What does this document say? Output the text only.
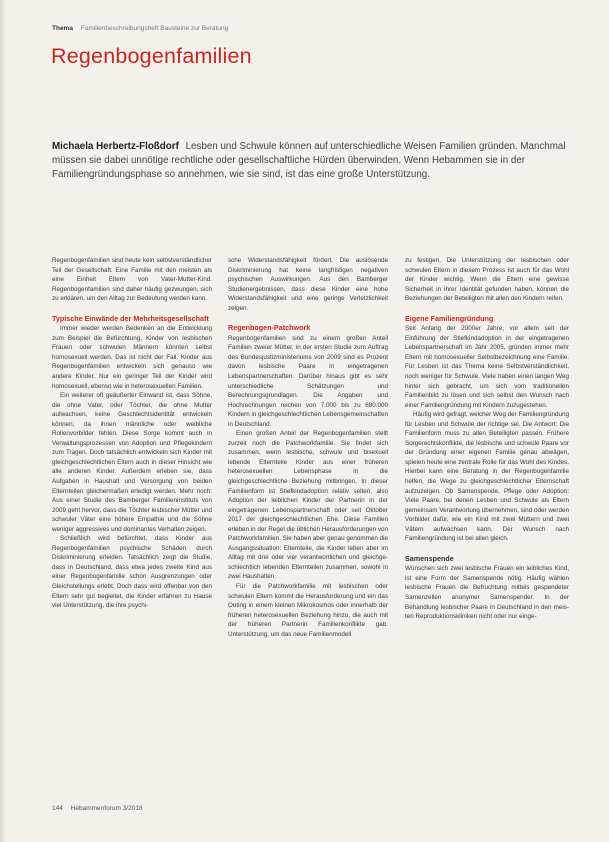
Thema Familienbeschreibungsheft Bausteine zur Beratung
Regenbogenfamilien
Michaela Herbertz-Floßdorf Lesben und Schwule können auf unterschiedliche Weisen Familien gründen. Manchmal müssen sie dabei unnötige rechtliche oder gesellschaftliche Hürden überwinden. Wenn Hebammen sie in der Familiengründungsphase so annehmen, wie sie sind, ist das eine große Unterstützung.

Regenbogenfamilien sind heute kein selbstverständlicher Teil der Gesellschaft. Eine Familie mit den meisten als eine Einheit Eltern von Vater-Mutter-Kind. Regenbogenfamilien sind daher häufig gezwungen, sich zu erklären, um den Alltag zur Bedeutung werden kann.

Typische Einwände der Mehrheitsgesellschaft

Immer wieder werden Bedenken an die Entwicklung zum Beispiel die Befürchtung, Kinder von lesbischen Frauen oder schwulen Männern könnten selbst homosexuell werden. Das ist nicht der Fall. Kinder aus Regenbogenfamilien entwickeln sich genauso wie andere Kinder. Nur ein geringer Teil der Kinder wird homosexuell, ebenso wie in heterosexuellen Familien.

Ein weiterer oft geäußerter Einwand ist, dass Söhne, die ohne Vater, oder Töchter, die ohne Mutter aufwachsen, keine Geschlechtsidentität entwickeln können, da ihnen männliche oder weibliche Rollenvorbilder fehlen. Diese Sorge kommt auch in Verwaltungsprozessen von Adoption und Pflegekindern zum Tragen. Doch tatsächlich entwickeln sich Kinder mit gleichgeschlechtlichen Eltern auch in dieser Hinsicht wie alle anderen Kinder. Außerdem erleben sie, dass Aufgaben in Haushalt und Versorgung von beiden Elternteilen gleichermaßen erledigt werden. Mehr noch: Aus einer Studie des Bamberger Familieninstituts von 2009 geht hervor, dass die Töchter lesbischer Mütter und schwuler Väter eine höhere Empathie und die Söhne weniger aggressives und dominantes Verhalten zeigen.

Schließlich wird befürchtet, dass Kinder aus Regenbogenfamilien psychische Schäden durch Diskriminierung erleiden. Tatsächlich zeigt die Studie, dass in Deutschland, dass etwa jedes zweite Kind aus einer Regenbogenfamilie schon Ausgrenzungen oder Gleichstellungs erlebt. Doch dass wird offenbar von den Eltern sehr gut begleitet, die Kinder erfahren zu Hause viel Unterstützung, die ihre psychi-

sche Widerstandsfähigkeit fördert. Die auslösende Diskriminierung hat keine langfristigen negativen psychischen Auswirkungen. Aus den Bamberger Studienergebnissen, dass diese Kinder eine hohe Widerstandsfähigkeit und eine geringe Verletzlichkeit zeigen.

Regenbogen-Patchwork

Regenbogenfamilien sind zu einem großen Anteil Familien zweier Mütter, in der ersten Studie zum Auftrag des Bundesjustizministeriums von 2009 sind es Prozent davon lesbische Paare in eingetragenen Lebenspartnerschaften. Darüber hinaus gibt es sehr unterschiedliche Schätzungen und Berechnungsgrundlagen. Die Angaben und Hochrechnungen reichen von 7.000 bis zu 680.000 Kindern in gleichgeschlechtlichen Lebensgemeinschaften in Deutschland.

Einen großen Anteil der Regenbogenfamilien stellt zurzeit noch die Patchworkfamilie. Sie findet sich zusammen, wenn lesbische, schwule und bisexuell lebende Elternteile Kinder aus einer früheren heterosexuellen Lebensphase in die gleichgeschlechtliche Beziehung mitbringen. In dieser Familienform ist Stiefkindadoption relativ selten, also Adoption der leiblichen Kinder der Partnerin in der eingetragenen Lebenspartnerschaft oder seit Oktober 2017 der gleichgeschlechtlichen Ehe. Diese Familien erleben in der Regel die üblichen Herausforderungen von Patchworkfamilien. Sie haben aber genau genommen die Ausgangssituation: Elternteile, die Kinder leben aber im Alltag mit drei oder vier verantwortlichen und gleichgeschlechtlich lebenden Elternteilen zusammen, sowohl in zwei Haushalten.

Für die Patchworkfamilie mit lesbischen oder schwulen Eltern kommt die Herausforderung und ein das Outing in einem kleinen Mikrokosmos oder innerhalb der früheren heterosexuellen Beziehung hinzu, die auch mit der früheren Partnerin Familienkonflikte gab. Unterstützung, um das neue Familienmodell

zu festigen. Die Unterstützung der lesbischen oder schwulen Eltern in diesem Prozess ist auch für das Wohl der Kinder wichtig. Wenn die Eltern eine gewisse Sicherheit in ihrer Identität gefunden haben, können die Beziehungen der Beteiligten mit allen den Kindern reifen.

Eigene Familiengründung

Seit Anfang der 2000er Jahre, vor allem seit der Einführung der Stiefkindadoption in der eingetragenen Lebenspartnerschaft im Jahr 2005, gründen immer mehr Eltern mit homosexueller Selbstbezeichnung eine Familie. Für Lesben ist das Thema keine Selbstverständlichkeit, noch weniger für Schwule. Viele haben einen langen Weg hinter sich gebracht, um sich vom traditionellen Familienbild zu lösen und sich selbst den Wunsch nach einer Familiengründung mit Kindern zuzugestehen.

Häufig wird gefragt, welcher Weg der Familiengründung für Lesben und Schwule der richtige sei. Die Antwort: Die Familienform muss zu allen Beteiligten passen. Frühere Sorgerechtskonflikte, die lesbische und schwule Paare vor der Gründung einer eigenen Familie genau abwägen, spielen heute eine zentrale Rolle für das Wohl des Kindes. Hierbei kann eine Beratung in der Regenbogenfamilie helfen, die Wege zu gleichgeschlechtlicher Elternschaft aufzuzeigen. Ob Samenspende, Pflege oder Adoption: Viele Paare, bei denen Lesben und Schwule als Eltern gemeinsam Verantwortung übernehmen, sind oder werden Vorbilder dafür, wie ein Kind mit zwei Müttern und zwei Vätern aufwachsen kann. Der Wunsch nach Familiengründung ist bei allen gleich.

Samenspende

Wünschen sich zwei lesbische Frauen ein leibliches Kind, ist eine Form der Samenspende nötig. Häufig wählen lesbische Frauen die Befruchtung mittels gespendeter Samenzellen anonymer Samenspender. In der Behandlung lesbischer Paare in Deutschland in den meisten Reproduktionskliniken nicht oder nur einge-

144 Hebammenforum 3/2018
